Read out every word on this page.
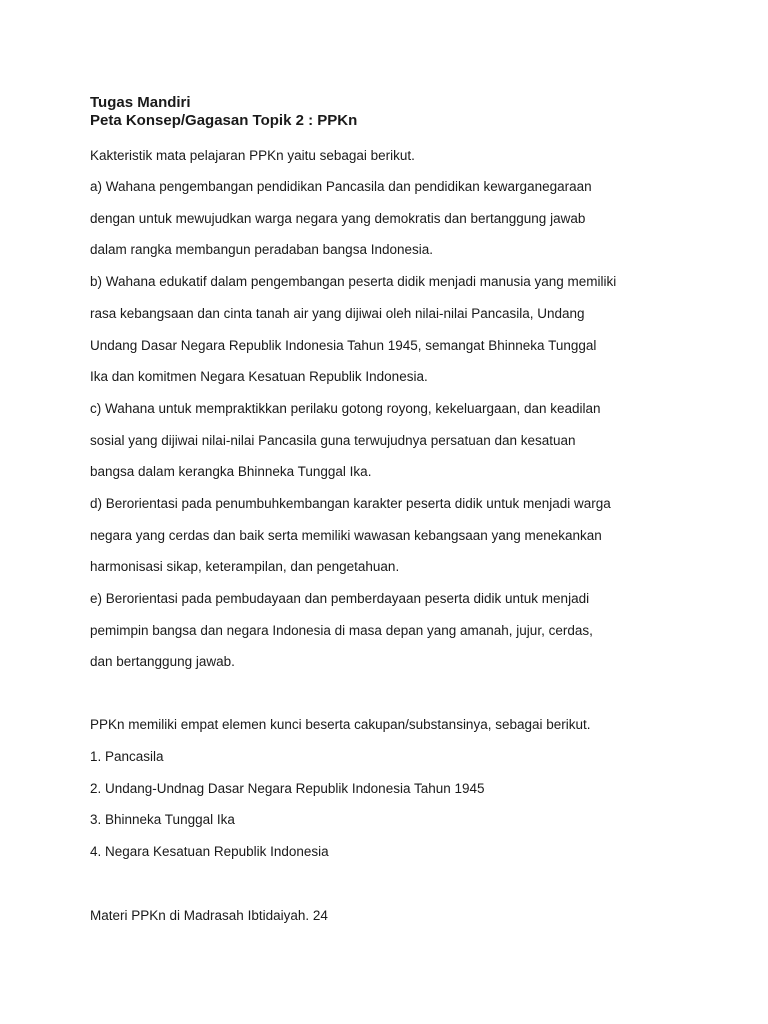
Tugas Mandiri
Peta Konsep/Gagasan Topik 2 : PPKn
Kakteristik mata pelajaran PPKn yaitu sebagai berikut.
a) Wahana pengembangan pendidikan Pancasila dan pendidikan kewarganegaraan
dengan untuk mewujudkan warga negara yang demokratis dan bertanggung jawab
dalam rangka membangun peradaban bangsa Indonesia.
b) Wahana edukatif dalam pengembangan peserta didik menjadi manusia yang memiliki
rasa kebangsaan dan cinta tanah air yang dijiwai oleh nilai-nilai Pancasila, Undang
Undang Dasar Negara Republik Indonesia Tahun 1945, semangat Bhinneka Tunggal
Ika dan komitmen Negara Kesatuan Republik Indonesia.
c) Wahana untuk mempraktikkan perilaku gotong royong, kekeluargaan, dan keadilan
sosial yang dijiwai nilai-nilai Pancasila guna terwujudnya persatuan dan kesatuan
bangsa dalam kerangka Bhinneka Tunggal Ika.
d) Berorientasi pada penumbuhkembangan karakter peserta didik untuk menjadi warga
negara yang cerdas dan baik serta memiliki wawasan kebangsaan yang menekankan
harmonisasi sikap, keterampilan, dan pengetahuan.
e) Berorientasi pada pembudayaan dan pemberdayaan peserta didik untuk menjadi
pemimpin bangsa dan negara Indonesia di masa depan yang amanah, jujur, cerdas,
dan bertanggung jawab.
PPKn memiliki empat elemen kunci beserta cakupan/substansinya, sebagai berikut.
1. Pancasila
2. Undang-Undnag Dasar Negara Republik Indonesia Tahun 1945
3. Bhinneka Tunggal Ika
4. Negara Kesatuan Republik Indonesia
Materi PPKn di Madrasah Ibtidaiyah. 24
